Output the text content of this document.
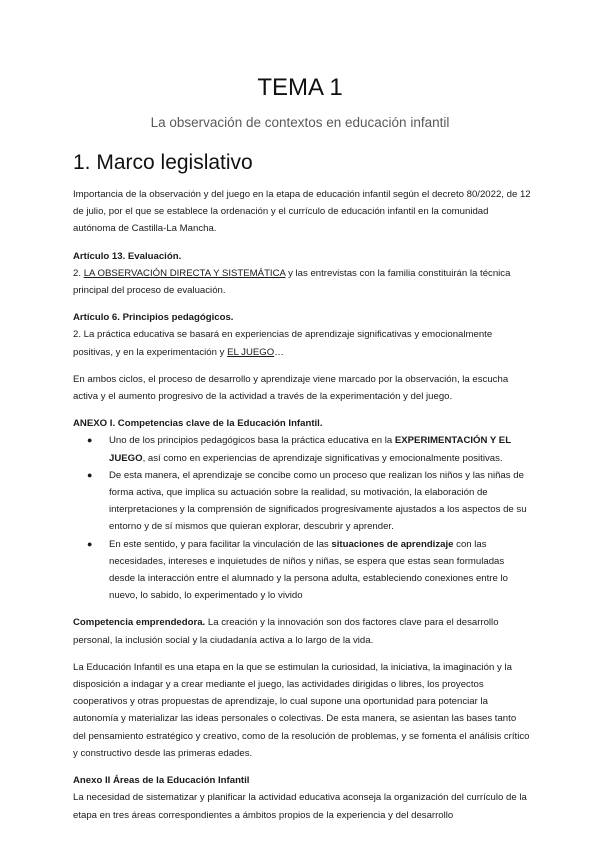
TEMA 1
La observación de contextos en educación infantil
1. Marco legislativo

Importancia de la observación y del juego en la etapa de educación infantil según el decreto 80/2022, de 12 de julio, por el que se establece la ordenación y el currículo de educación infantil en la comunidad autónoma de Castilla-La Mancha.

Artículo 13. Evaluación.

2. LA OBSERVACIÓN DIRECTA Y SISTEMÁTICA y las entrevistas con la familia constituirán la técnica principal del proceso de evaluación.

Artículo 6. Principios pedagógicos.

2. La práctica educativa se basará en experiencias de aprendizaje significativas y emocionalmente positivas, y en la experimentación y EL JUEGO…

En ambos ciclos, el proceso de desarrollo y aprendizaje viene marcado por la observación, la escucha activa y el aumento progresivo de la actividad a través de la experimentación y del juego.

ANEXO I. Competencias clave de la Educación Infantil.

● Uno de los principios pedagógicos basa la práctica educativa en la EXPERIMENTACIÓN Y EL JUEGO, así como en experiencias de aprendizaje significativas y emocionalmente positivas.
● De esta manera, el aprendizaje se concibe como un proceso que realizan los niños y las niñas de forma activa, que implica su actuación sobre la realidad, su motivación, la elaboración de interpretaciones y la comprensión de significados progresivamente ajustados a los aspectos de su entorno y de sí mismos que quieran explorar, descubrir y aprender.
● En este sentido, y para facilitar la vinculación de las situaciones de aprendizaje con las necesidades, intereses e inquietudes de niños y niñas, se espera que estas sean formuladas desde la interacción entre el alumnado y la persona adulta, estableciendo conexiones entre lo nuevo, lo sabido, lo experimentado y lo vivido

Competencia emprendedora. La creación y la innovación son dos factores clave para el desarrollo personal, la inclusión social y la ciudadanía activa a lo largo de la vida.

La Educación Infantil es una etapa en la que se estimulan la curiosidad, la iniciativa, la imaginación y la disposición a indagar y a crear mediante el juego, las actividades dirigidas o libres, los proyectos cooperativos y otras propuestas de aprendizaje, lo cual supone una oportunidad para potenciar la autonomía y materializar las ideas personales o colectivas. De esta manera, se asientan las bases tanto del pensamiento estratégico y creativo, como de la resolución de problemas, y se fomenta el análisis crítico y constructivo desde las primeras edades.

Anexo II Áreas de la Educación Infantil

La necesidad de sistematizar y planificar la actividad educativa aconseja la organización del currículo de la etapa en tres áreas correspondientes a ámbitos propios de la experiencia y del desarrollo
